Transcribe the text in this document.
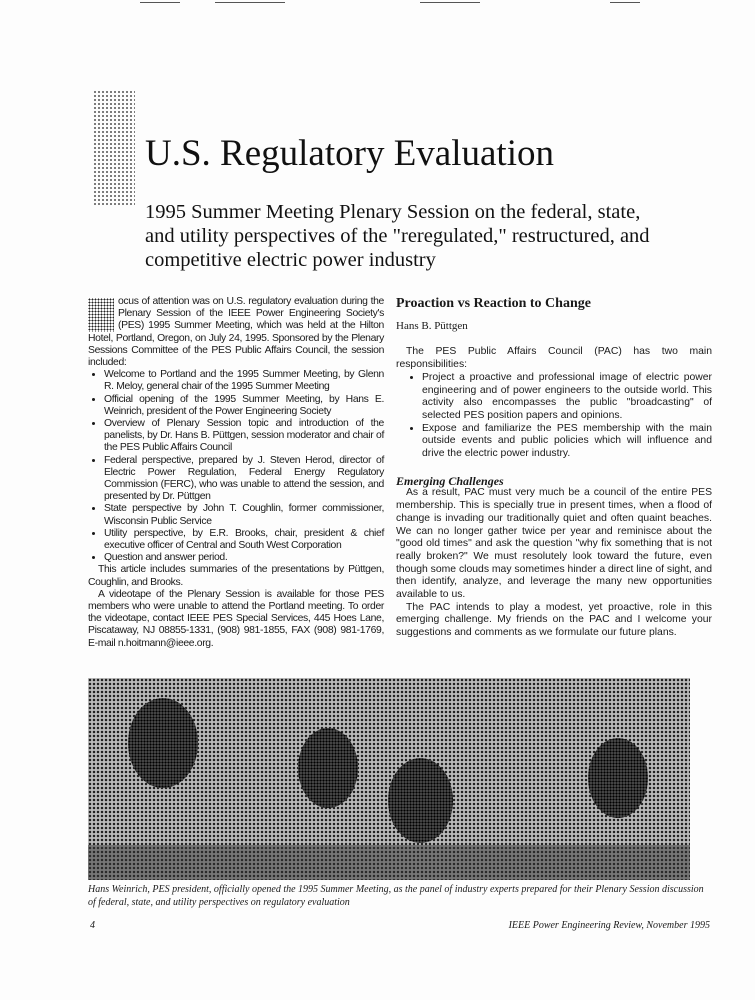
U.S. Regulatory Evaluation
1995 Summer Meeting Plenary Session on the federal, state, and utility perspectives of the "reregulated," restructured, and competitive electric power industry

ocus of attention was on U.S. regulatory evaluation during the Plenary Session of the IEEE Power Engineering Society's (PES) 1995 Summer Meeting, which was held at the Hilton Hotel, Portland, Oregon, on July 24, 1995. Sponsored by the Plenary Sessions Committee of the PES Public Affairs Council, the session included:

• Welcome to Portland and the 1995 Summer Meeting, by Glenn R. Meloy, general chair of the 1995 Summer Meeting
• Official opening of the 1995 Summer Meeting, by Hans E. Weinrich, president of the Power Engineering Society
• Overview of Plenary Session topic and introduction of the panelists, by Dr. Hans B. Püttgen, session moderator and chair of the PES Public Affairs Council
• Federal perspective, prepared by J. Steven Herod, director of Electric Power Regulation, Federal Energy Regulatory Commission (FERC), who was unable to attend the session, and presented by Dr. Püttgen
• State perspective by John T. Coughlin, former commissioner, Wisconsin Public Service
• Utility perspective, by E.R. Brooks, chair, president & chief executive officer of Central and South West Corporation
• Question and answer period.

This article includes summaries of the presentations by Püttgen, Coughlin, and Brooks.

A videotape of the Plenary Session is available for those PES members who were unable to attend the Portland meeting. To order the videotape, contact IEEE PES Special Services, 445 Hoes Lane, Piscataway, NJ 08855-1331, (908) 981-1855, FAX (908) 981-1769, E-mail n.hoitmann@ieee.org.

Proaction vs Reaction to Change
Hans B. Püttgen

The PES Public Affairs Council (PAC) has two main responsibilities:

• Project a proactive and professional image of electric power engineering and of power engineers to the outside world. This activity also encompasses the public "broadcasting" of selected PES position papers and opinions.
• Expose and familiarize the PES membership with the main outside events and public policies which will influence and drive the electric power industry.
Emerging Challenges

As a result, PAC must very much be a council of the entire PES membership. This is specially true in present times, when a flood of change is invading our traditionally quiet and often quaint beaches. We can no longer gather twice per year and reminisce about the "good old times" and ask the question "why fix something that is not really broken?" We must resolutely look toward the future, even though some clouds may sometimes hinder a direct line of sight, and then identify, analyze, and leverage the many new opportunities available to us.

The PAC intends to play a modest, yet proactive, role in this emerging challenge. My friends on the PAC and I welcome your suggestions and comments as we formulate our future plans.

Hans Weinrich, PES president, officially opened the 1995 Summer Meeting, as the panel of industry experts prepared for their Plenary Session discussion of federal, state, and utility perspectives on regulatory evaluation
4	IEEE Power Engineering Review, November 1995
